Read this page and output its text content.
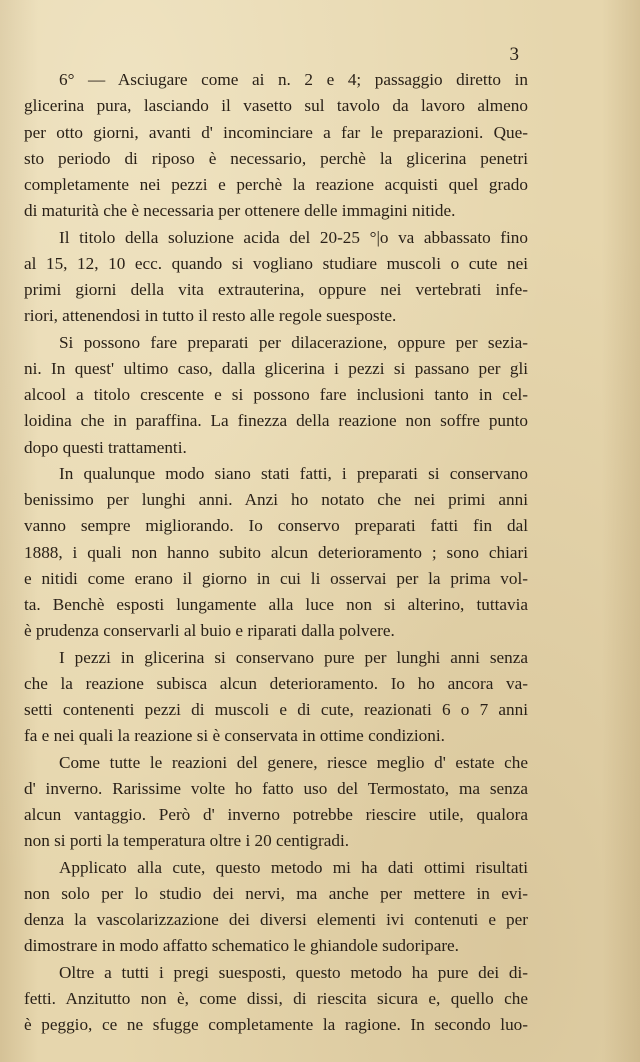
3
6° — Asciugare come ai n. 2 e 4; passaggio diretto in
glicerina pura, lasciando il vasetto sul tavolo da lavoro almeno
per otto giorni, avanti d' incominciare a far le preparazioni. Que-
sto periodo di riposo è necessario, perchè la glicerina penetri
completamente nei pezzi e perchè la reazione acquisti quel grado
di maturità che è necessaria per ottenere delle immagini nitide.
Il titolo della soluzione acida del 20-25 °|o va abbassato fino
al 15, 12, 10 ecc. quando si vogliano studiare muscoli o cute nei
primi giorni della vita extrauterina, oppure nei vertebrati infe-
riori, attenendosi in tutto il resto alle regole suesposte.
Si possono fare preparati per dilacerazione, oppure per sezia-
ni. In quest' ultimo caso, dalla glicerina i pezzi si passano per gli
alcool a titolo crescente e si possono fare inclusioni tanto in cel-
loidina che in paraffina. La finezza della reazione non soffre punto
dopo questi trattamenti.
In qualunque modo siano stati fatti, i preparati si conservano
benissimo per lunghi anni. Anzi ho notato che nei primi anni
vanno sempre migliorando. Io conservo preparati fatti fin dal
1888, i quali non hanno subito alcun deterioramento ; sono chiari
e nitidi come erano il giorno in cui li osservai per la prima vol-
ta. Benchè esposti lungamente alla luce non si alterino, tuttavia
è prudenza conservarli al buio e riparati dalla polvere.
I pezzi in glicerina si conservano pure per lunghi anni senza
che la reazione subisca alcun deterioramento. Io ho ancora va-
setti contenenti pezzi di muscoli e di cute, reazionati 6 o 7 anni
fa e nei quali la reazione si è conservata in ottime condizioni.
Come tutte le reazioni del genere, riesce meglio d' estate che
d' inverno. Rarissime volte ho fatto uso del Termostato, ma senza
alcun vantaggio. Però d' inverno potrebbe riescire utile, qualora
non si porti la temperatura oltre i 20 centigradi.
Applicato alla cute, questo metodo mi ha dati ottimi risultati
non solo per lo studio dei nervi, ma anche per mettere in evi-
denza la vascolarizzazione dei diversi elementi ivi contenuti e per
dimostrare in modo affatto schematico le ghiandole sudoripare.
Oltre a tutti i pregi suesposti, questo metodo ha pure dei di-
fetti. Anzitutto non è, come dissi, di riescita sicura e, quello che
è peggio, ce ne sfugge completamente la ragione. In secondo luo-
